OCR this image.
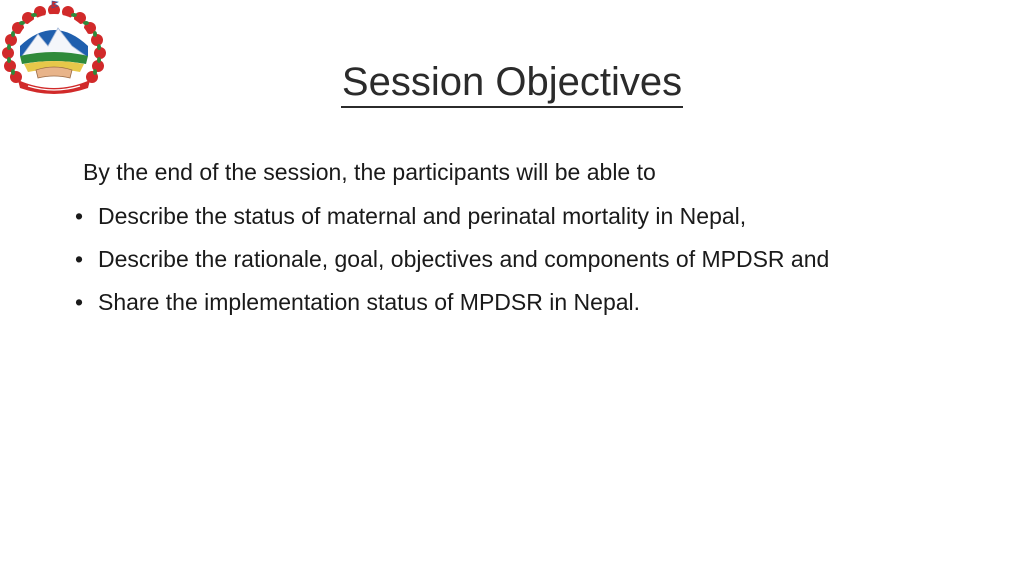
Session Objectives
By the end of the session, the participants will be able to
• Describe the status of maternal and perinatal mortality in Nepal,
• Describe the rationale, goal, objectives and components of MPDSR and
• Share the implementation status of MPDSR in Nepal.
